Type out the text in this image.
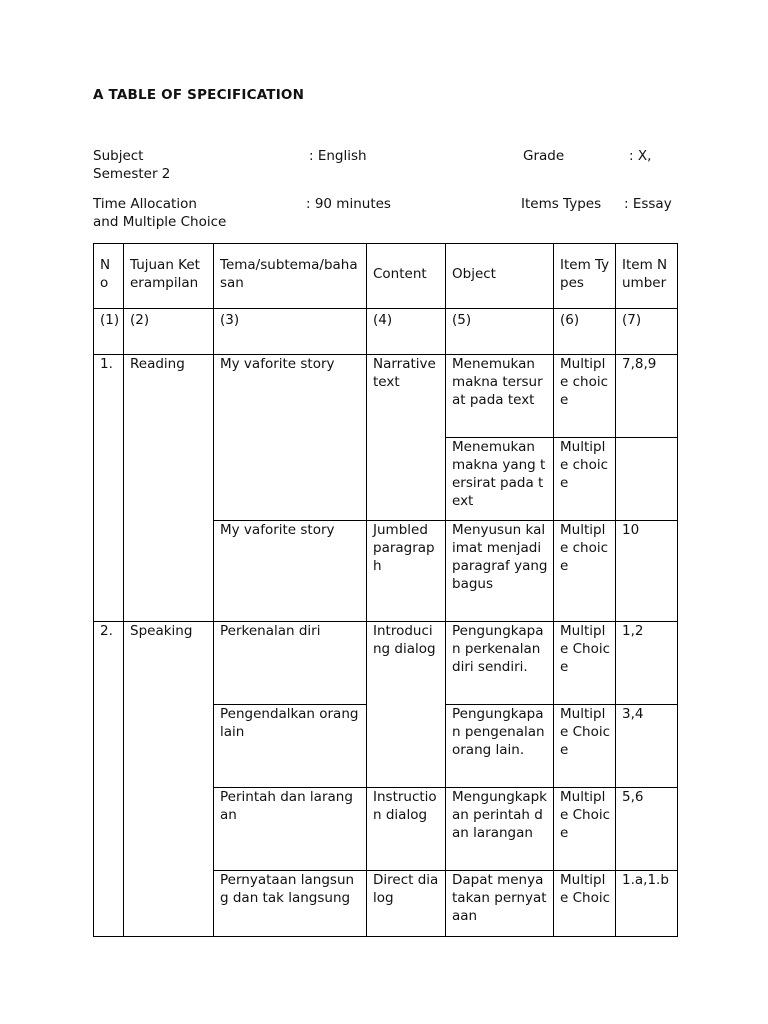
A TABLE OF SPECIFICATION
Subject	: English	Grade	: X,
Semester 2
Time Allocation	: 90 minutes	Items Types : Essay
and Multiple Choice
No	Tujuan Keterampilan	Tema/subtema/bahasan	Content	Object	Item Types	Item Number
(1)	(2)	(3)	(4)	(5)	(6)	(7)
1.	Reading	My vaforite story	Narrative text	Menemukan makna tersurat pada text	Multiple choice	7,8,9
				Menemukan makna yang tersirat pada text	Multiple choice	
		My vaforite story	Jumbled paragraph	Menyusun kalimat menjadi paragraf yang bagus	Multiple choice	10
2.	Speaking	Perkenalan diri	Introducing dialog	Pengungkapan perkenalan diri sendiri.	Multiple Choice	1,2
		Pengendalkan orang lain		Pengungkapan pengenalan orang lain.	Multiple Choice	3,4
		Perintah dan larangan	Instruction dialog	Mengungkapkan perintah dan larangan	Multiple Choice	5,6
		Pernyataan langsung dan tak langsung	Direct dialog	Dapat menyatakan pernyataan	Multiple Choic	1.a,1.b
